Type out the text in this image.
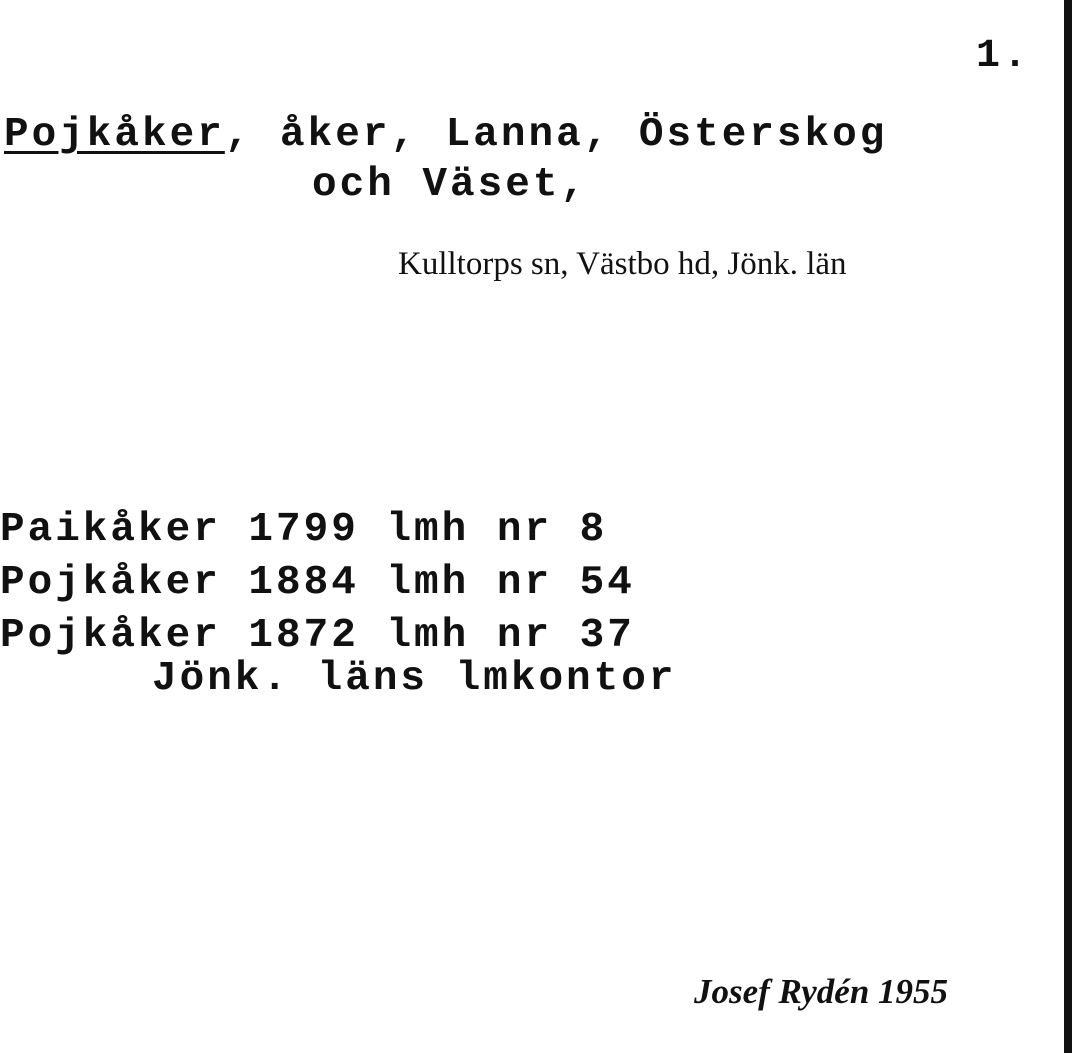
1.
Pojkåker, åker, Lanna, Österskog
och Väset,
Kulltorps sn, Västbo hd, Jönk. län
Paikåker 1799 lmh nr 8
Pojkåker 1884 lmh nr 54
Pojkåker 1872 lmh nr 37
Jönk. läns lmkontor
Josef Rydén 1955
